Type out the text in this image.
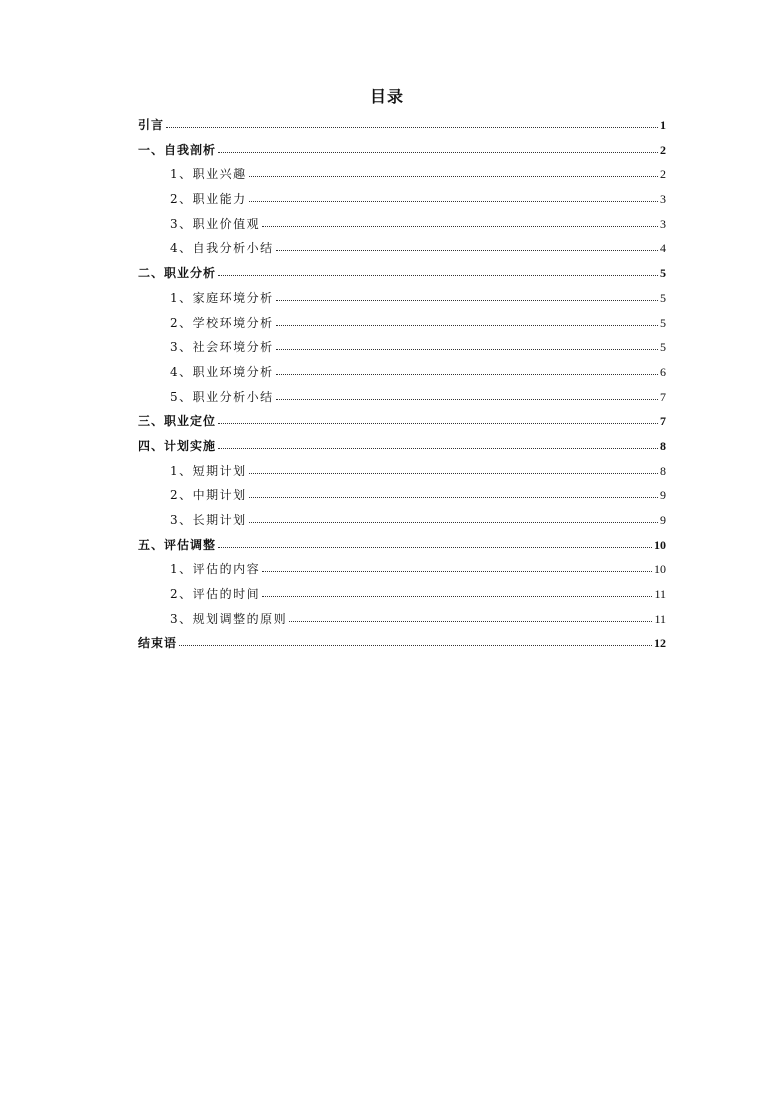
目录
引言	1
一、自我剖析	2
1、职业兴趣	2
2、职业能力	3
3、职业价值观	3
4、自我分析小结	4
二、职业分析	5
1、家庭环境分析	5
2、学校环境分析	5
3、社会环境分析	5
4、职业环境分析	6
5、职业分析小结	7
三、职业定位	7
四、计划实施	8
1、短期计划	8
2、中期计划	9
3、长期计划	9
五、评估调整	10
1、评估的内容	10
2、评估的时间	11
3、规划调整的原则	11
结束语	12
